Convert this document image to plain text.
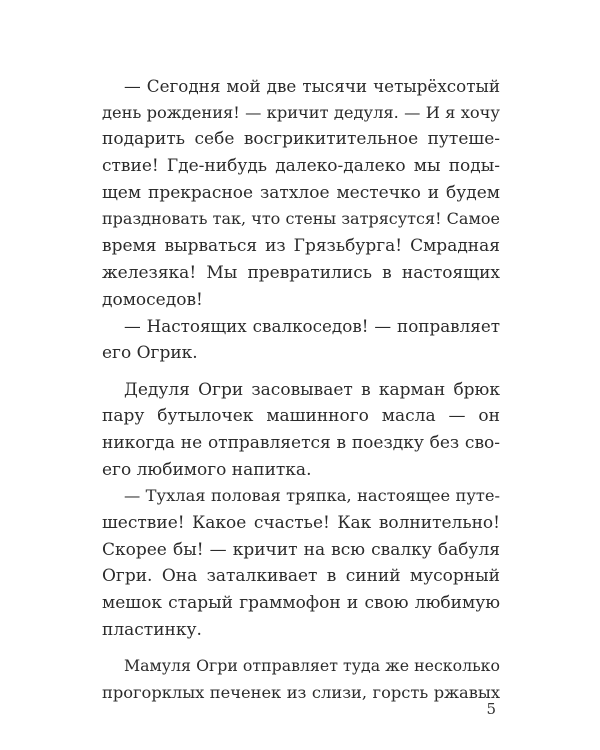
— Сегодня мой две тысячи четырёхсотый
день рождения! — кричит дедуля. — И я хочу
подарить себе восгрикитительное путеше-
ствие! Где-нибудь далеко-далеко мы поды-
щем прекрасное затхлое местечко и будем
праздновать так, что стены затрясутся! Самое
время вырваться из Грязьбурга! Смрадная
железяка! Мы превратились в настоящих
домоседов!
— Настоящих свалкоседов! — поправляет
его Огрик.
Дедуля Огри засовывает в карман брюк
пару бутылочек машинного масла — он
никогда не отправляется в поездку без сво-
его любимого напитка.
— Тухлая половая тряпка, настоящее путе-
шествие! Какое счастье! Как волнительно!
Скорее бы! — кричит на всю свалку бабуля
Огри. Она заталкивает в синий мусорный
мешок старый граммофон и свою любимую
пластинку.
Мамуля Огри отправляет туда же несколько
прогорклых печенек из слизи, горсть ржавых
5
